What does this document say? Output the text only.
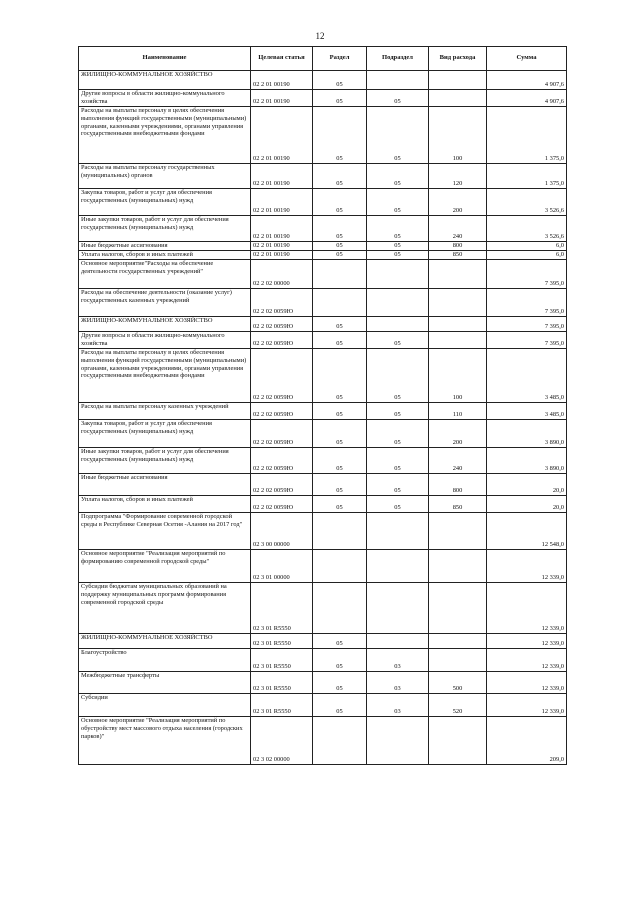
12
Наименование	Целевая статья	Раздел	Подраздел	Вид расхода	Сумма
ЖИЛИЩНО-КОММУНАЛЬНОЕ ХОЗЯЙСТВО	02 2 01 00190	05			4 907,6
Другие вопросы в области жилищно-коммунального хозяйства	02 2 01 00190	05	05		4 907,6
Расходы на выплаты персоналу в целях обеспечения выполнения функций государственными (муниципальными) органами, казенными учреждениями, органами управления государственными внебюджетными фондами	02 2 01 00190	05	05	100	1 375,0
Расходы на выплаты персоналу государственных (муниципальных) органов	02 2 01 00190	05	05	120	1 375,0
Закупка товаров, работ и услуг для обеспечения государственных (муниципальных) нужд	02 2 01 00190	05	05	200	3 526,6
Иные закупки товаров, работ и услуг для обеспечения государственных (муниципальных) нужд	02 2 01 00190	05	05	240	3 526,6
Иные бюджетные ассигнования	02 2 01 00190	05	05	800	6,0
Уплата налогов, сборов и иных платежей	02 2 01 00190	05	05	850	6,0
Основное мероприятие"Расходы на обеспечение деятельности государственных учреждений"	02 2 02 00000				7 395,0
Расходы на обеспечение деятельности (оказание услуг) государственных казенных учреждений	02 2 02 0059Ю				7 395,0
ЖИЛИЩНО-КОММУНАЛЬНОЕ ХОЗЯЙСТВО	02 2 02 0059Ю	05			7 395,0
Другие вопросы в области жилищно-коммунального хозяйства	02 2 02 0059Ю	05	05		7 395,0
Расходы на выплаты персоналу в целях обеспечения выполнения функций государственными (муниципальными) органами, казенными учреждениями, органами управления государственными внебюджетными фондами	02 2 02 0059Ю	05	05	100	3 485,0
Расходы на выплаты персоналу казенных учреждений	02 2 02 0059Ю	05	05	110	3 485,0
Закупка товаров, работ и услуг для обеспечения государственных (муниципальных) нужд	02 2 02 0059Ю	05	05	200	3 890,0
Иные закупки товаров, работ и услуг для обеспечения государственных (муниципальных) нужд	02 2 02 0059Ю	05	05	240	3 890,0
Иные бюджетные ассигнования	02 2 02 0059Ю	05	05	800	20,0
Уплата налогов, сборов и иных платежей	02 2 02 0059Ю	05	05	850	20,0
Подпрограмма "Формирование современной городской среды в Республике Северная Осетия -Алания на 2017 год"	02 3 00 00000				12 548,0
Основное мероприятие "Реализация мероприятий по формированию современной городской среды"	02 3 01 00000				12 339,0
Субсидии бюджетам муниципальных образований на поддержку муниципальных программ формирования современной городской среды	02 3 01 R5550				12 339,0
ЖИЛИЩНО-КОММУНАЛЬНОЕ ХОЗЯЙСТВО	02 3 01 R5550	05			12 339,0
Благоустройство	02 3 01 R5550	05	03		12 339,0
Межбюджетные трансферты	02 3 01 R5550	05	03	500	12 339,0
Субсидии	02 3 01 R5550	05	03	520	12 339,0
Основное мероприятие "Реализация мероприятий по обустройству мест массового отдыха населения (городских парков)"	02 3 02 00000				209,0
